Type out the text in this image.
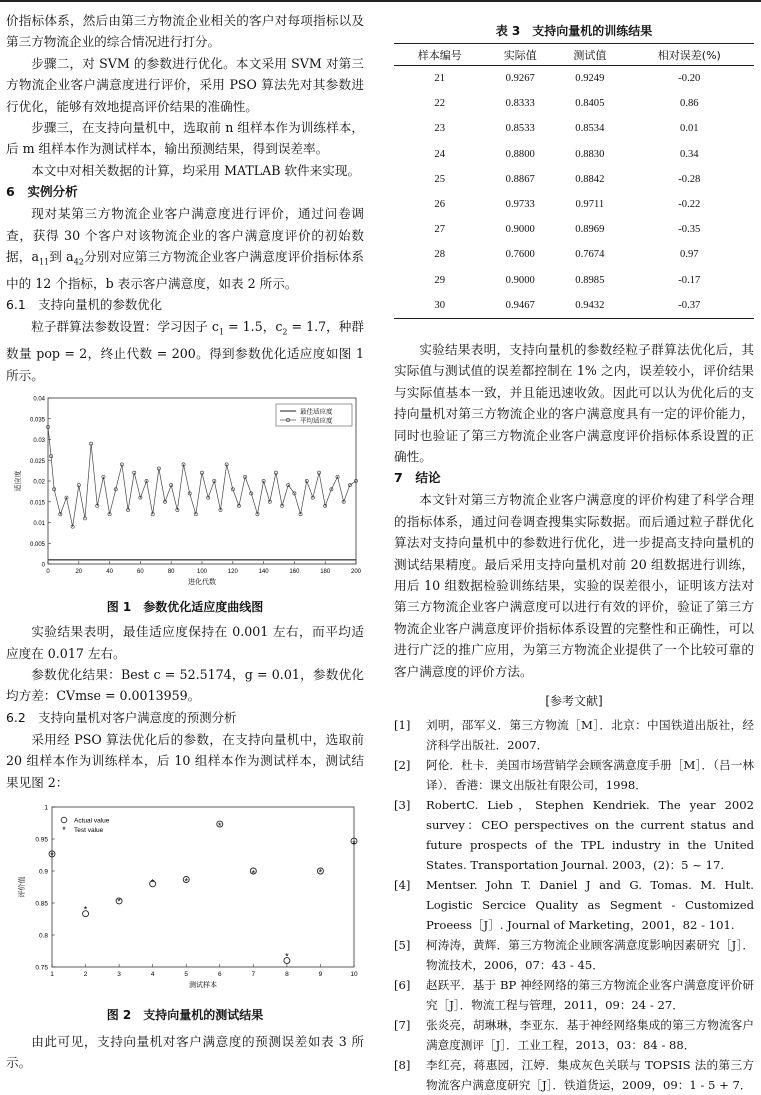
价指标体系，然后由第三方物流企业相关的客户对每项指标以及第三方物流企业的综合情况进行打分。

步骤二，对 SVM 的参数进行优化。本文采用 SVM 对第三方物流企业客户满意度进行评价，采用 PSO 算法先对其参数进行优化，能够有效地提高评价结果的准确性。

步骤三，在支持向量机中，选取前 n 组样本作为训练样本，后 m 组样本作为测试样本，输出预测结果，得到误差率。

本文中对相关数据的计算，均采用 MATLAB 软件来实现。

6　实例分析

现对某第三方物流企业客户满意度进行评价，通过问卷调查，获得 30 个客户对该物流企业的客户满意度评价的初始数据，$a_{11}$到 $a_{42}$分别对应第三方物流企业客户满意度评价指标体系中的 12 个指标，b 表示客户满意度，如表 2 所示。

6.1　支持向量机的参数优化

粒子群算法参数设置：学习因子 $c_1 = 1.5$，$c_2 = 1.7$，种群数量 pop = 2，终止代数 = 200。得到参数优化适应度如图 1 所示。

0.04
0.035
0.03
0.025
0.02
0.015
0.01
0.005
0
0	20	40	60	80	100	120	140	160	180	200
进化代数
适应度
最佳适应度
平均适应度
图 1　参数优化适应度曲线图

实验结果表明，最佳适应度保持在 0.001 左右，而平均适应度在 0.017 左右。

参数优化结果：Best c = 52.5174，g = 0.01，参数优化均方差：CVmse = 0.0013959。

6.2　支持向量机对客户满意度的预测分析

采用经 PSO 算法优化后的参数，在支持向量机中，选取前 20 组样本作为训练样本，后 10 组样本作为测试样本，测试结果见图 2：

1
0.95
0.9
0.85
0.8
0.75
1	2	3	4	5	6	7	8	9	10
测试样本
评价值
*
*
*
*	*
*
*
*
*
*
Actual value
* Test value
图 2　支持向量机的测试结果

由此可见，支持向量机对客户满意度的预测误差如表 3 所示。

表 3　支持向量机的训练结果
样本编号	实际值	测试值	相对误差(%)
21	0.9267	0.9249	-0.20
22	0.8333	0.8405	0.86
23	0.8533	0.8534	0.01
24	0.8800	0.8830	0.34
25	0.8867	0.8842	-0.28
26	0.9733	0.9711	-0.22
27	0.9000	0.8969	-0.35
28	0.7600	0.7674	0.97
29	0.9000	0.8985	-0.17
30	0.9467	0.9432	-0.37

实验结果表明，支持向量机的参数经粒子群算法优化后，其实际值与测试值的误差都控制在 1% 之内，误差较小，评价结果与实际值基本一致，并且能迅速收敛。因此可以认为优化后的支持向量机对第三方物流企业的客户满意度具有一定的评价能力，同时也验证了第三方物流企业客户满意度评价指标体系设置的正确性。

7　结论

本文针对第三方物流企业客户满意度的评价构建了科学合理的指标体系，通过问卷调查搜集实际数据。而后通过粒子群优化算法对支持向量机中的参数进行优化，进一步提高支持向量机的测试结果精度。最后采用支持向量机对前 20 组数据进行训练，用后 10 组数据检验训练结果，实验的误差很小，证明该方法对第三方物流企业客户满意度可以进行有效的评价，验证了第三方物流企业客户满意度评价指标体系设置的完整性和正确性，可以进行广泛的推广应用，为第三方物流企业提供了一个比较可靠的客户满意度的评价方法。

[参考文献]
[1]	刘明，邵军义．第三方物流［M］．北京：中国铁道出版社，经济科学出版社．2007．
[2]	阿伦．杜卡．美国市场营销学会顾客满意度手册［M］．（吕一林译）．香港：课文出版社有限公司，1998．
[3]	RobertC. Lieb，Stephen Kendriek. The year 2002 survey：CEO perspectives on the current status and future prospects of the TPL industry in the United States. Transportation Journal. 2003，(2)：5 ~ 17.
[4]	Mentser. John T. Daniel J and G. Tomas. M. Hult. Logistic Sercice Quality as Segment - Customized Proeess［J］. Journal of Marketing，2001，82 - 101.
[5]	柯涛涛，黄辉．第三方物流企业顾客满意度影响因素研究［J］．物流技术，2006，07：43 - 45．
[6]	赵跃平．基于 BP 神经网络的第三方物流企业客户满意度评价研究［J］．物流工程与管理，2011，09：24 - 27．
[7]	张炎亮，胡琳琳，李亚东．基于神经网络集成的第三方物流客户满意度测评［J］．工业工程，2013，03：84 - 88．
[8]	李红亮，蒋惠园，江婷．集成灰色关联与 TOPSIS 法的第三方物流客户满意度研究［J］．铁道货运，2009，09：1 - 5 + 7．
